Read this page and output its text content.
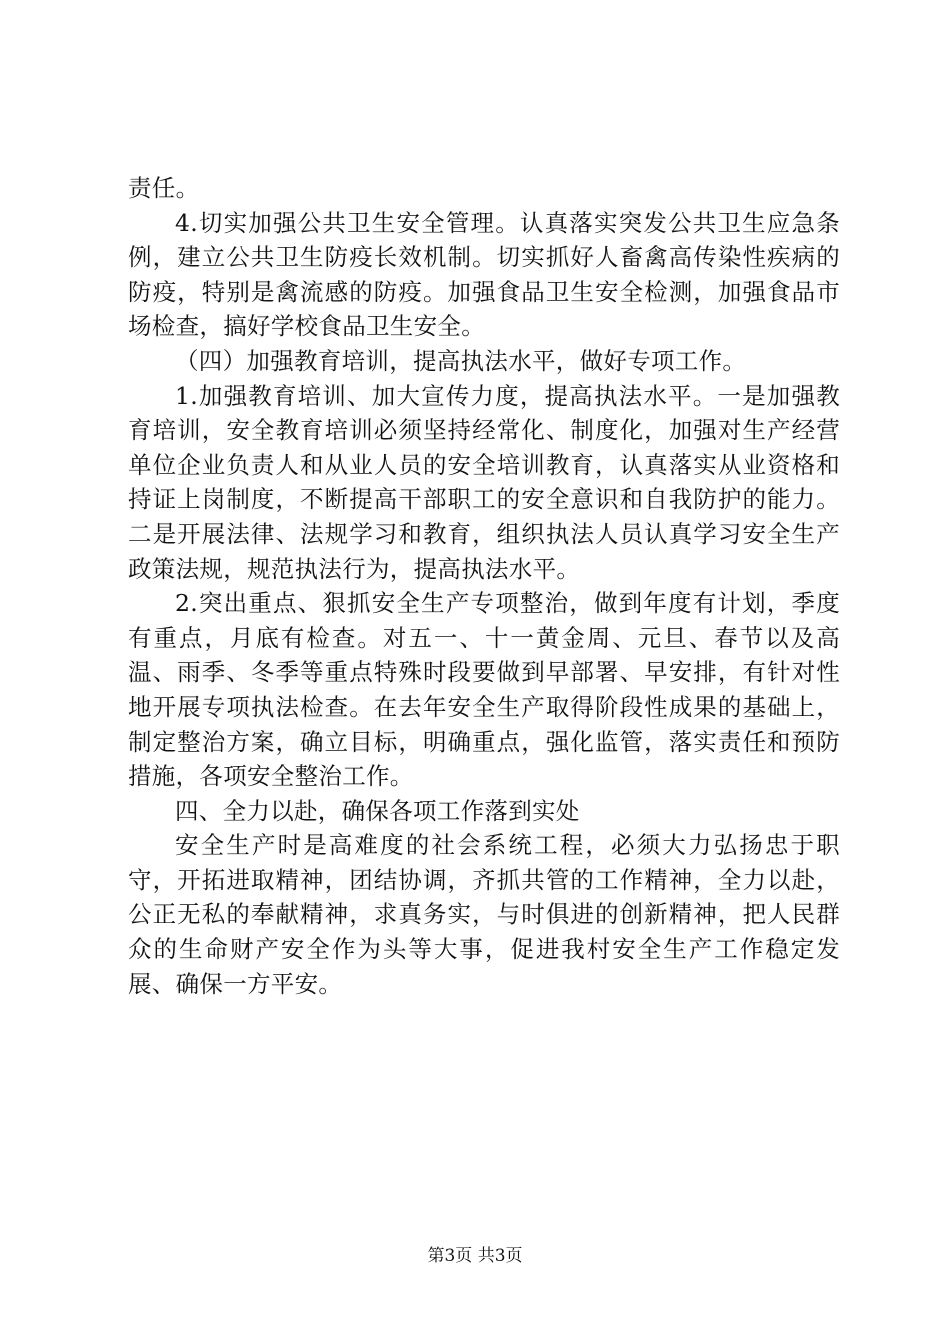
责任。

4.切实加强公共卫生安全管理。认真落实突发公共卫生应急条例，建立公共卫生防疫长效机制。切实抓好人畜禽高传染性疾病的防疫，特别是禽流感的防疫。加强食品卫生安全检测，加强食品市场检查，搞好学校食品卫生安全。

（四）加强教育培训，提高执法水平，做好专项工作。

1.加强教育培训、加大宣传力度，提高执法水平。一是加强教育培训，安全教育培训必须坚持经常化、制度化，加强对生产经营单位企业负责人和从业人员的安全培训教育，认真落实从业资格和持证上岗制度，不断提高干部职工的安全意识和自我防护的能力。二是开展法律、法规学习和教育，组织执法人员认真学习安全生产政策法规，规范执法行为，提高执法水平。

2.突出重点、狠抓安全生产专项整治，做到年度有计划，季度有重点，月底有检查。对五一、十一黄金周、元旦、春节以及高温、雨季、冬季等重点特殊时段要做到早部署、早安排，有针对性地开展专项执法检查。在去年安全生产取得阶段性成果的基础上，制定整治方案，确立目标，明确重点，强化监管，落实责任和预防措施，各项安全整治工作。

四、全力以赴，确保各项工作落到实处

安全生产时是高难度的社会系统工程，必须大力弘扬忠于职守，开拓进取精神，团结协调，齐抓共管的工作精神，全力以赴，公正无私的奉献精神，求真务实，与时俱进的创新精神，把人民群众的生命财产安全作为头等大事，促进我村安全生产工作稳定发展、确保一方平安。

第3页 共3页
